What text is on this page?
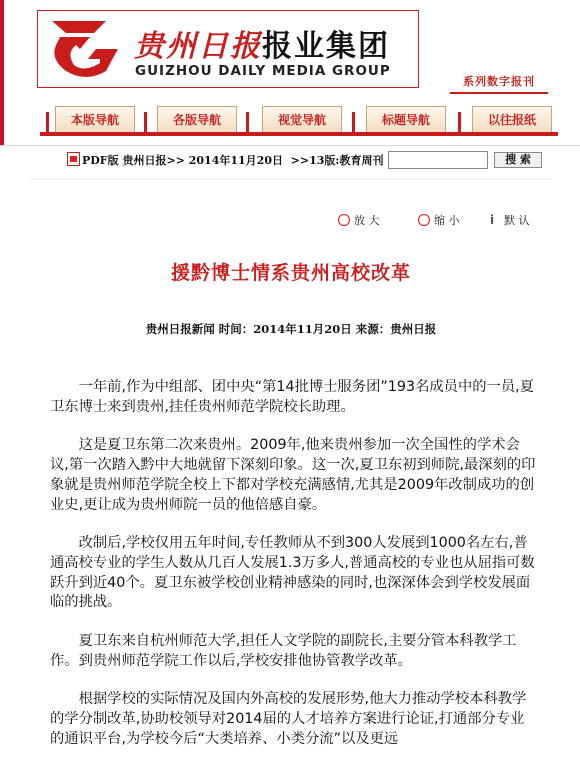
贵州日报报业集团
GUIZHOU DAILY MEDIA GROUP
系列数字报刊
本版导航	各版导航	视觉导航	标题导航	以往报纸
PDF版 贵州日报>> 2014年11月20日 >>13版:教育周刊	搜 索
放 大	缩 小	i 默 认
援黔博士情系贵州高校改革
贵州日报新闻 时间：2014年11月20日 来源：贵州日报

一年前,作为中组部、团中央“第14批博士服务团”193名成员中的一员,夏卫东博士来到贵州,挂任贵州师范学院校长助理。

这是夏卫东第二次来贵州。2009年,他来贵州参加一次全国性的学术会议,第一次踏入黔中大地就留下深刻印象。这一次,夏卫东初到师院,最深刻的印象就是贵州师范学院全校上下都对学校充满感情,尤其是2009年改制成功的创业史,更让成为贵州师院一员的他倍感自豪。

改制后,学校仅用五年时间,专任教师从不到300人发展到1000名左右,普通高校专业的学生人数从几百人发展1.3万多人,普通高校的专业也从屈指可数跃升到近40个。夏卫东被学校创业精神感染的同时,也深深体会到学校发展面临的挑战。

夏卫东来自杭州师范大学,担任人文学院的副院长,主要分管本科教学工作。到贵州师范学院工作以后,学校安排他协管教学改革。

根据学校的实际情况及国内外高校的发展形势,他大力推动学校本科教学的学分制改革,协助校领导对2014届的人才培养方案进行论证,打通部分专业的通识平台,为学校今后“大类培养、小类分流”以及更远
